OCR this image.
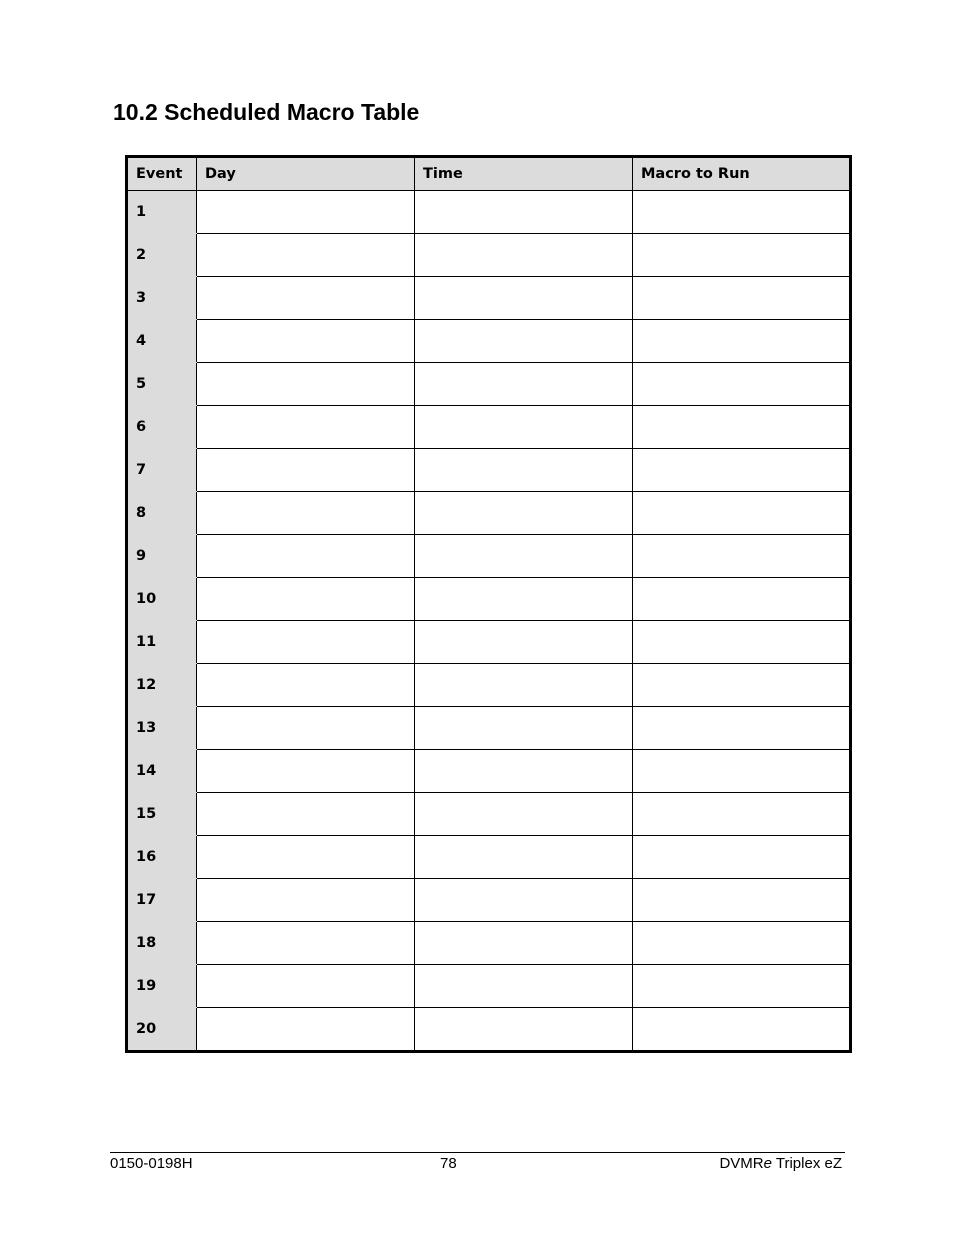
10.2 Scheduled Macro Table
Event	Day	Time	Macro to Run
1			
2			
3			
4			
5			
6			
7			
8			
9			
10			
11			
12			
13			
14			
15			
16			
17			
18			
19			
20			
0150-0198H	78	DVMRe Triplex eZ
